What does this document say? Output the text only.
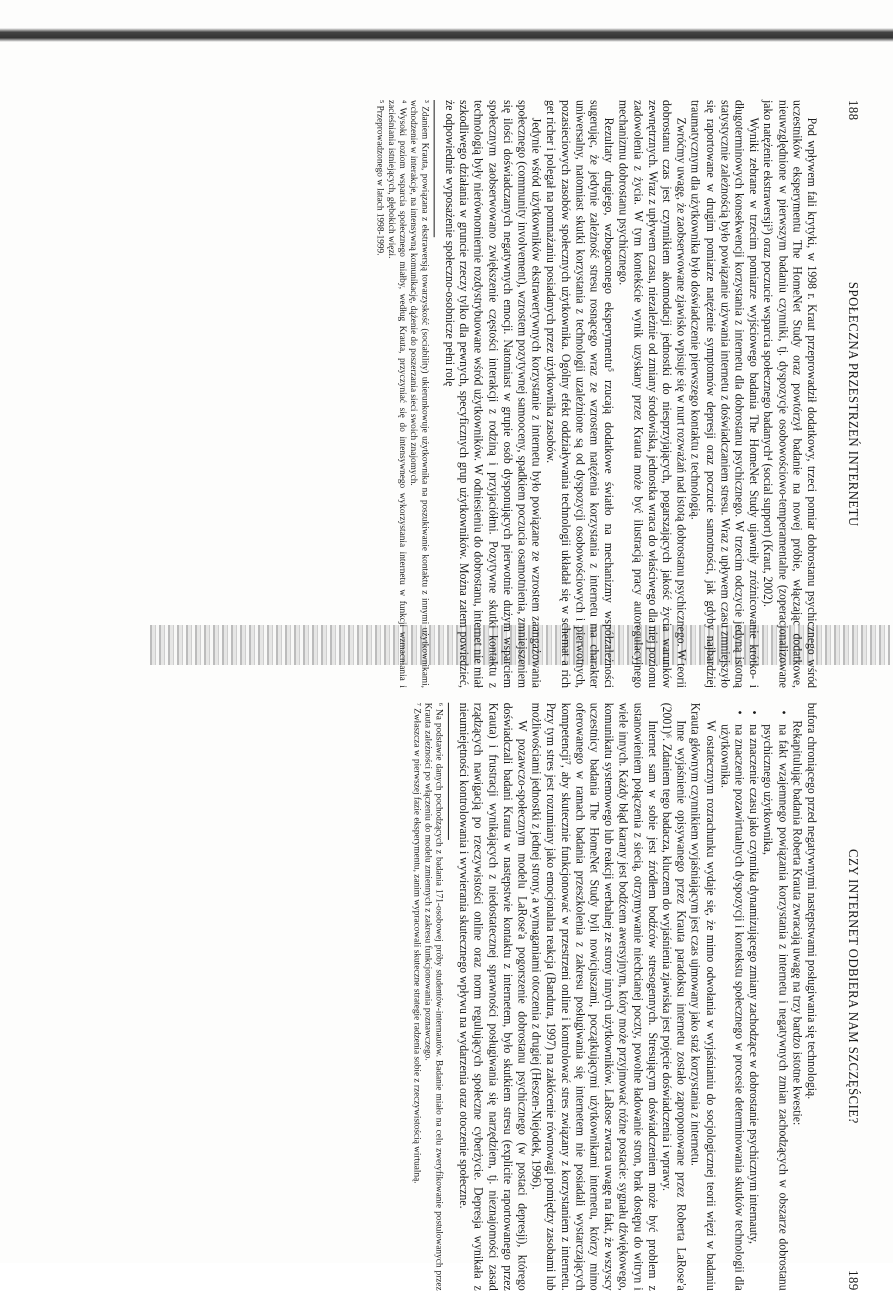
188
SPOŁECZNA PRZESTRZEŃ INTERNETU

Pod wpływem fali krytyki, w 1998 r. Kraut przeprowadził dodatkowy, trzeci pomiar dobrostanu psychicznego wśród uczestników eksperymentu The HomeNet Study oraz powtórzył badanie na nowej próbie, włączając dodatkowe, nieuwzględnione w pierwszym badaniu czynniki, tj. dyspozycje osobowościowo-temperamentalne (zoperacjonalizowane jako natężenie ekstrawersji³) oraz poczucie wsparcia społecznego badanych⁴ (social support) (Kraut, 2002).

Wyniki zebrane w trzecim pomiarze wyjściowego badania The HomeNet Study ujawniły zróżnicowanie krótko- i długoterminowych konsekwencji korzystania z internetu dla dobrostanu psychicznego. W trzecim odczycie jedyną istotną statystycznie zależnością było powiązanie używania internetu z doświadczaniem stresu. Wraz z upływem czasu zmniejszyło się raportowane w drugim pomiarze natężenie symptomów depresji oraz poczucie samotności, jak gdyby najbardziej traumatycznym dla użytkownika było doświadczenie pierwszego kontaktu z technologią.

Zwróćmy uwagę, że zaobserwowane zjawisko wpisuje się w nurt rozważań nad istotą dobrostanu psychicznego. W teorii dobrostanu czas jest czynnikiem akomodacji jednostki do niesprzyjających, pogarszających jakość życia warunków zewnętrznych. Wraz z upływem czasu, niezależnie od zmiany środowiska, jednostka wraca do właściwego dla niej poziomu zadowolenia z życia. W tym kontekście wynik uzyskany przez Krauta może być ilustracją pracy autoregulacyjnego mechanizmu dobrostanu psychicznego.

Rezultaty drugiego, wzbogaconego eksperymentu⁵ rzucają dodatkowe światło na mechanizmy współzależności sugerując, że jedynie zależność stresu rosnącego wraz ze wzrostem natężenia korzystania z internetu ma charakter uniwersalny, natomiast skutki korzystania z technologii uzależnione są od dyspozycji osobowościowych i pierwotnych, pozasieciowych zasobów społecznych użytkownika. Ogólny efekt oddziaływania technologii układał się w schemat a rich get richer i polegał na pomnażaniu posiadanych przez użytkownika zasobów.

Jedynie wśród użytkowników ekstrawertywnych korzystanie z internetu było powiązane ze wzrostem zaangażowania społecznego (community involvement), wzrostem pozytywnej samooceny, spadkiem poczucia osamotnienia, zmniejszeniem się ilości doświadczanych negatywnych emocji. Natomiast w grupie osób dysponujących pierwotnie dużym wsparciem społecznym zaobserwowano zwiększenie częstości interakcji z rodziną i przyjaciółmi. Pozytywne skutki kontaktu z technologią były nierównomiernie rozdystrybuowane wśród użytkowników. W odniesieniu do dobrostanu, internet nie miał szkodliwego działania w gruncie rzeczy tylko dla pewnych, specyficznych grup użytkowników. Można zatem powiedzieć, że odpowiednie wyposażenie społeczno-osobnicze pełni rolę

³ Zdaniem Krauta, powiązana z ekstrawersją towarzyskość (sociability) ukierunkowuje użytkownika na poszukiwanie kontaktu z innymi użytkownikami, wchodzenie w interakcje, na intensywną komunikację, dążenie do poszerzania sieci swoich znajomych.

⁴ Wysoki poziom wsparcia społecznego miałby, według Krauta, przyczyniać się do intensywnego wykorzystania internetu w funkcji wzmacniania i zacieśniania istniejących, głębokich więzi.

⁵ Przeprowadzonego w latach 1998-1999.

CZY INTERNET ODBIERA NAM SZCZĘŚCIE?
189

bufora chroniącego przed negatywnymi następstwami posługiwania się technologią.

Rekapitulując badania Roberta Krauta zwracają uwagę na trzy bardzo istotne kwestie:

• na fakt wzajemnego powiązania korzystania z internetu i negatywnych zmian zachodzących w obszarze dobrostanu psychicznego użytkownika,
• na znaczenie czasu jako czynnika dynamizującego zmiany zachodzące w dobrostanie psychicznym internauty,
• na znaczenie pozawirtualnych dyspozycji i kontekstu społecznego w procesie determinowania skutków technologii dla użytkownika.

W ostatecznym rozrachunku wydaje się, że mimo odwołania w wyjaśnianiu do socjologicznej teorii więzi w badaniu Krauta głównym czynnikiem wyjaśniającym jest czas ujmowany jako staż korzystania z internetu.

Inne wyjaśnienie opisywanego przez Krauta paradoksu internetu zostało zaproponowane przez Roberta LaRose'a (2001)⁶. Zdaniem tego badacza, kluczem do wyjaśnienia zjawiska jest pojęcie doświadczenia i wprawy.

Internet sam w sobie jest źródłem bodźców stresogennych. Stresującym doświadczeniem może być problem z ustanowieniem połączenia z siecią, otrzymywanie niechcianej poczty, powolne ładowanie stron, brak dostępu do witryn i wiele innych. Każdy błąd karany jest bodźcem awersyjnym, który może przyjmować różne postacie: sygnału dźwiękowego, komunikatu systemowego lub reakcji werbalnej ze strony innych użytkowników. LaRose zwraca uwagę na fakt, że wszyscy uczestnicy badania The HomeNet Study byli nowicjuszami, początkującymi użytkownikami internetu, którzy mimo oferowanego w ramach badania przeszkolenia z zakresu posługiwania się internetem nie posiadali wystarczających kompetencji⁷, aby skutecznie funkcjonować w przestrzeni online i kontrolować stres związany z korzystaniem z internetu. Przy tym stres jest rozumiany jako emocjonalna reakcja (Bandura, 1997) na zakłócenie równowagi pomiędzy zasobami lub możliwościami jednostki z jednej strony, a wymaganiami otoczenia z drugiej (Heszen-Niejodek, 1996).

W pozawczo-społecznym modelu LaRose'a pogorszenie dobrostanu psychicznego (w postaci depresji), którego doświadczali badani Krauta w następstwie kontaktu z internetem, było skutkiem stresu (explicite raportowanego przez Krauta) i frustracji wynikających z niedostatecznej sprawności posługiwania się narzędziem, tj. nieznajomości zasad rządzących nawigacją po rzeczywistości online oraz norm regulujących społeczne cyberżycie. Depresja wynikała z nieumiejętności kontrolowania i wywierania skutecznego wpływu na wydarzenia oraz otoczenie społeczne.

⁶ Na podstawie danych pochodzących z badania 171-osobowej próby studentów-internautów. Badanie miało na celu zweryfikowanie postulowanych przez Krauta zależności po włączeniu do modelu zmiennych z zakresu funkcjonowania poznawczego.

⁷ Zwłaszcza w pierwszej fazie eksperymentu, zanim wypracowali skuteczne strategie radzenia sobie z rzeczywistością wirtualną.
